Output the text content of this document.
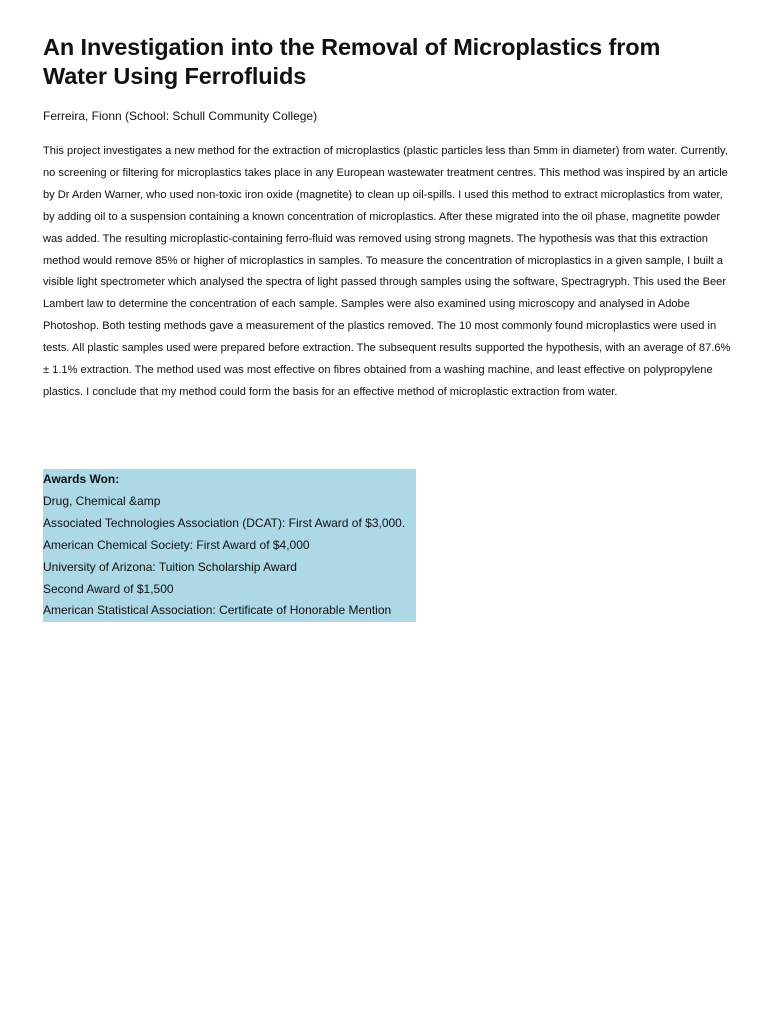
An Investigation into the Removal of Microplastics from Water Using Ferrofluids

Ferreira, Fionn (School: Schull Community College)

This project investigates a new method for the extraction of microplastics (plastic particles less than 5mm in diameter) from water. Currently, no screening or filtering for microplastics takes place in any European wastewater treatment centres. This method was inspired by an article by Dr Arden Warner, who used non-toxic iron oxide (magnetite) to clean up oil-spills. I used this method to extract microplastics from water, by adding oil to a suspension containing a known concentration of microplastics. After these migrated into the oil phase, magnetite powder was added. The resulting microplastic-containing ferro-fluid was removed using strong magnets. The hypothesis was that this extraction method would remove 85% or higher of microplastics in samples. To measure the concentration of microplastics in a given sample, I built a visible light spectrometer which analysed the spectra of light passed through samples using the software, Spectragryph. This used the Beer Lambert law to determine the concentration of each sample. Samples were also examined using microscopy and analysed in Adobe Photoshop. Both testing methods gave a measurement of the plastics removed. The 10 most commonly found microplastics were used in tests. All plastic samples used were prepared before extraction. The subsequent results supported the hypothesis, with an average of 87.6% ± 1.1% extraction. The method used was most effective on fibres obtained from a washing machine, and least effective on polypropylene plastics. I conclude that my method could form the basis for an effective method of microplastic extraction from water.

Awards Won:
Drug, Chemical &amp
Associated Technologies Association (DCAT): First Award of $3,000.
American Chemical Society: First Award of $4,000
University of Arizona: Tuition Scholarship Award
Second Award of $1,500
American Statistical Association: Certificate of Honorable Mention
